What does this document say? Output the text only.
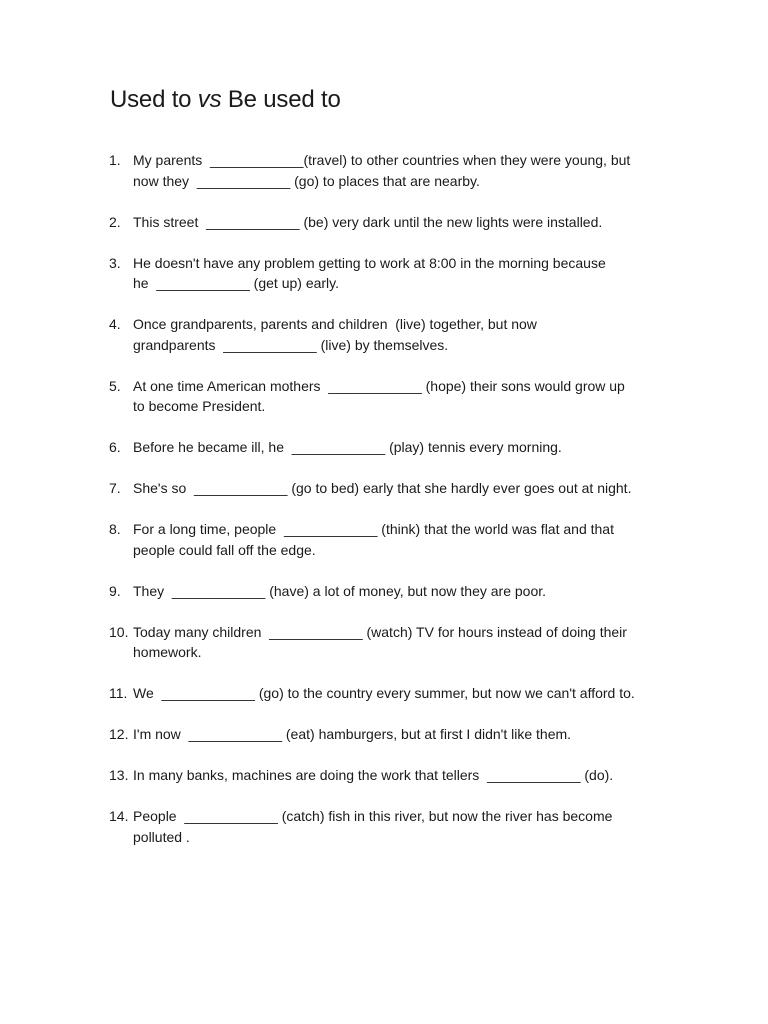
Used to vs Be used to
1. My parents  ____________(travel) to other countries when they were young, but
now they  ____________ (go) to places that are nearby.
2. This street  ____________ (be) very dark until the new lights were installed.
3. He doesn't have any problem getting to work at 8:00 in the morning because
he  ____________ (get up) early.
4. Once grandparents, parents and children  (live) together, but now
grandparents  ____________ (live) by themselves.
5. At one time American mothers  ____________ (hope) their sons would grow up
to become President.
6. Before he became ill, he  ____________ (play) tennis every morning.
7. She's so  ____________ (go to bed) early that she hardly ever goes out at night.
8. For a long time, people  ____________ (think) that the world was flat and that
people could fall off the edge.
9. They  ____________ (have) a lot of money, but now they are poor.
10. Today many children  ____________ (watch) TV for hours instead of doing their
homework.
11. We  ____________ (go) to the country every summer, but now we can't afford to.
12. I'm now  ____________ (eat) hamburgers, but at first I didn't like them.
13. In many banks, machines are doing the work that tellers  ____________ (do).
14. People  ____________ (catch) fish in this river, but now the river has become
polluted .
